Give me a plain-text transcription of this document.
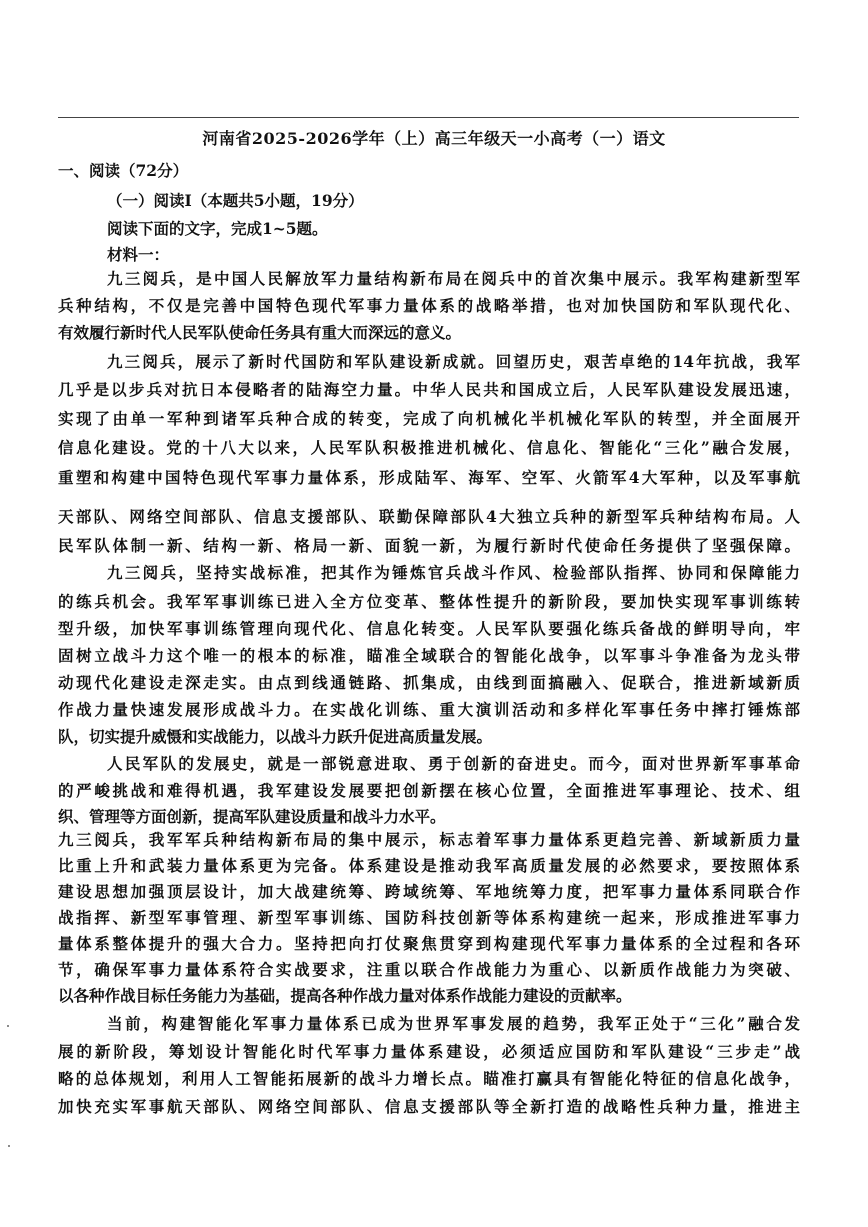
河南省2025-2026学年（上）高三年级天一小高考（一）语文
一、阅读（72分）
（一）阅读Ⅰ（本题共5小题，19分）
阅读下面的文字，完成1~5题。
材料一：
九三阅兵，是中国人民解放军力量结构新布局在阅兵中的首次集中展示。我军构建新型军
兵种结构，不仅是完善中国特色现代军事力量体系的战略举措，也对加快国防和军队现代化、
有效履行新时代人民军队使命任务具有重大而深远的意义。
九三阅兵，展示了新时代国防和军队建设新成就。回望历史，艰苦卓绝的14年抗战，我军
几乎是以步兵对抗日本侵略者的陆海空力量。中华人民共和国成立后，人民军队建设发展迅速，
实现了由单一军种到诸军兵种合成的转变，完成了向机械化半机械化军队的转型，并全面展开
信息化建设。党的十八大以来，人民军队积极推进机械化、信息化、智能化“三化”融合发展，
重塑和构建中国特色现代军事力量体系，形成陆军、海军、空军、火箭军4大军种，以及军事航
天部队、网络空间部队、信息支援部队、联勤保障部队4大独立兵种的新型军兵种结构布局。人
民军队体制一新、结构一新、格局一新、面貌一新，为履行新时代使命任务提供了坚强保障。
九三阅兵，坚持实战标准，把其作为锤炼官兵战斗作风、检验部队指挥、协同和保障能力
的练兵机会。我军军事训练已进入全方位变革、整体性提升的新阶段，要加快实现军事训练转
型升级，加快军事训练管理向现代化、信息化转变。人民军队要强化练兵备战的鲜明导向，牢
固树立战斗力这个唯一的根本的标准，瞄准全域联合的智能化战争，以军事斗争准备为龙头带
动现代化建设走深走实。由点到线通链路、抓集成，由线到面搞融入、促联合，推进新域新质
作战力量快速发展形成战斗力。在实战化训练、重大演训活动和多样化军事任务中摔打锤炼部
队，切实提升威慑和实战能力，以战斗力跃升促进高质量发展。
人民军队的发展史，就是一部锐意进取、勇于创新的奋进史。而今，面对世界新军事革命
的严峻挑战和难得机遇，我军建设发展要把创新摆在核心位置，全面推进军事理论、技术、组
织、管理等方面创新，提高军队建设质量和战斗力水平。
九三阅兵，我军军兵种结构新布局的集中展示，标志着军事力量体系更趋完善、新域新质力量
比重上升和武装力量体系更为完备。体系建设是推动我军高质量发展的必然要求，要按照体系
建设思想加强顶层设计，加大战建统筹、跨域统筹、军地统筹力度，把军事力量体系同联合作
战指挥、新型军事管理、新型军事训练、国防科技创新等体系构建统一起来，形成推进军事力
量体系整体提升的强大合力。坚持把向打仗聚焦贯穿到构建现代军事力量体系的全过程和各环
节，确保军事力量体系符合实战要求，注重以联合作战能力为重心、以新质作战能力为突破、
以各种作战目标任务能力为基础，提高各种作战力量对体系作战能力建设的贡献率。
当前，构建智能化军事力量体系已成为世界军事发展的趋势，我军正处于“三化”融合发
展的新阶段，筹划设计智能化时代军事力量体系建设，必须适应国防和军队建设“三步走”战
略的总体规划，利用人工智能拓展新的战斗力增长点。瞄准打赢具有智能化特征的信息化战争，
加快充实军事航天部队、网络空间部队、信息支援部队等全新打造的战略性兵种力量，推进主
